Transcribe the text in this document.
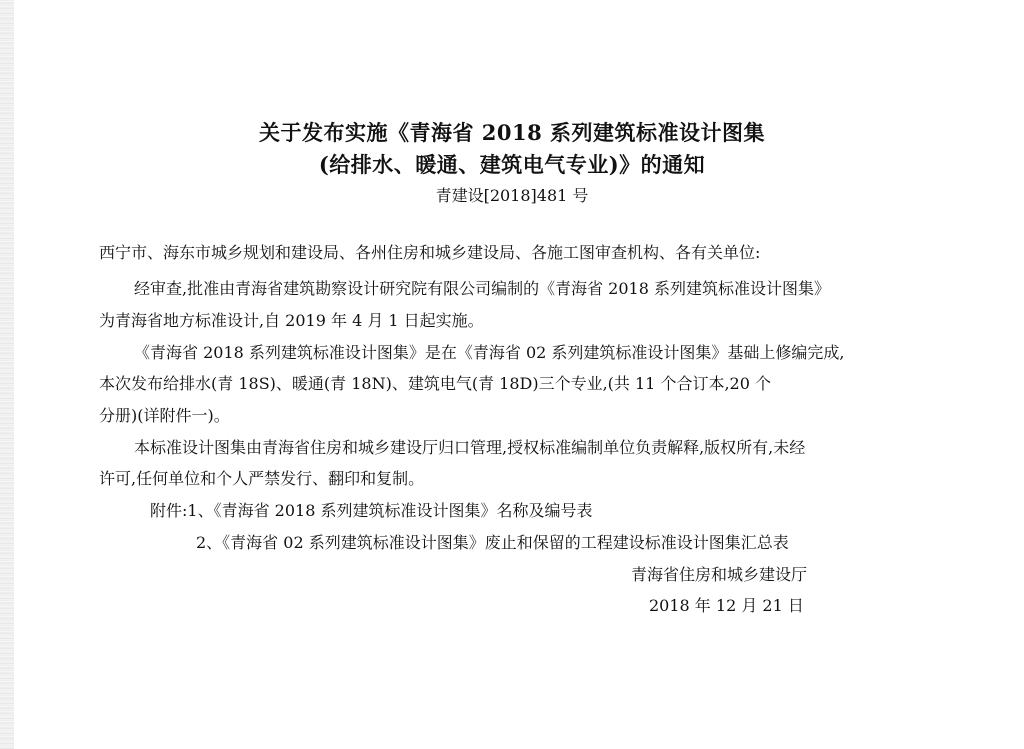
关于发布实施《青海省 2018 系列建筑标准设计图集
(给排水、暖通、建筑电气专业)》的通知
青建设[2018]481 号
西宁市、海东市城乡规划和建设局、各州住房和城乡建设局、各施工图审查机构、各有关单位:
经审查,批准由青海省建筑勘察设计研究院有限公司编制的《青海省 2018 系列建筑标准设计图集》
为青海省地方标准设计,自 2019 年 4 月 1 日起实施。
《青海省 2018 系列建筑标准设计图集》是在《青海省 02 系列建筑标准设计图集》基础上修编完成,
本次发布给排水(青 18S)、暖通(青 18N)、建筑电气(青 18D)三个专业,(共 11 个合订本,20 个
分册)(详附件一)。
本标准设计图集由青海省住房和城乡建设厅归口管理,授权标准编制单位负责解释,版权所有,未经
许可,任何单位和个人严禁发行、翻印和复制。
附件:1、《青海省 2018 系列建筑标准设计图集》名称及编号表
2、《青海省 02 系列建筑标准设计图集》废止和保留的工程建设标准设计图集汇总表
青海省住房和城乡建设厅
2018 年 12 月 21 日
